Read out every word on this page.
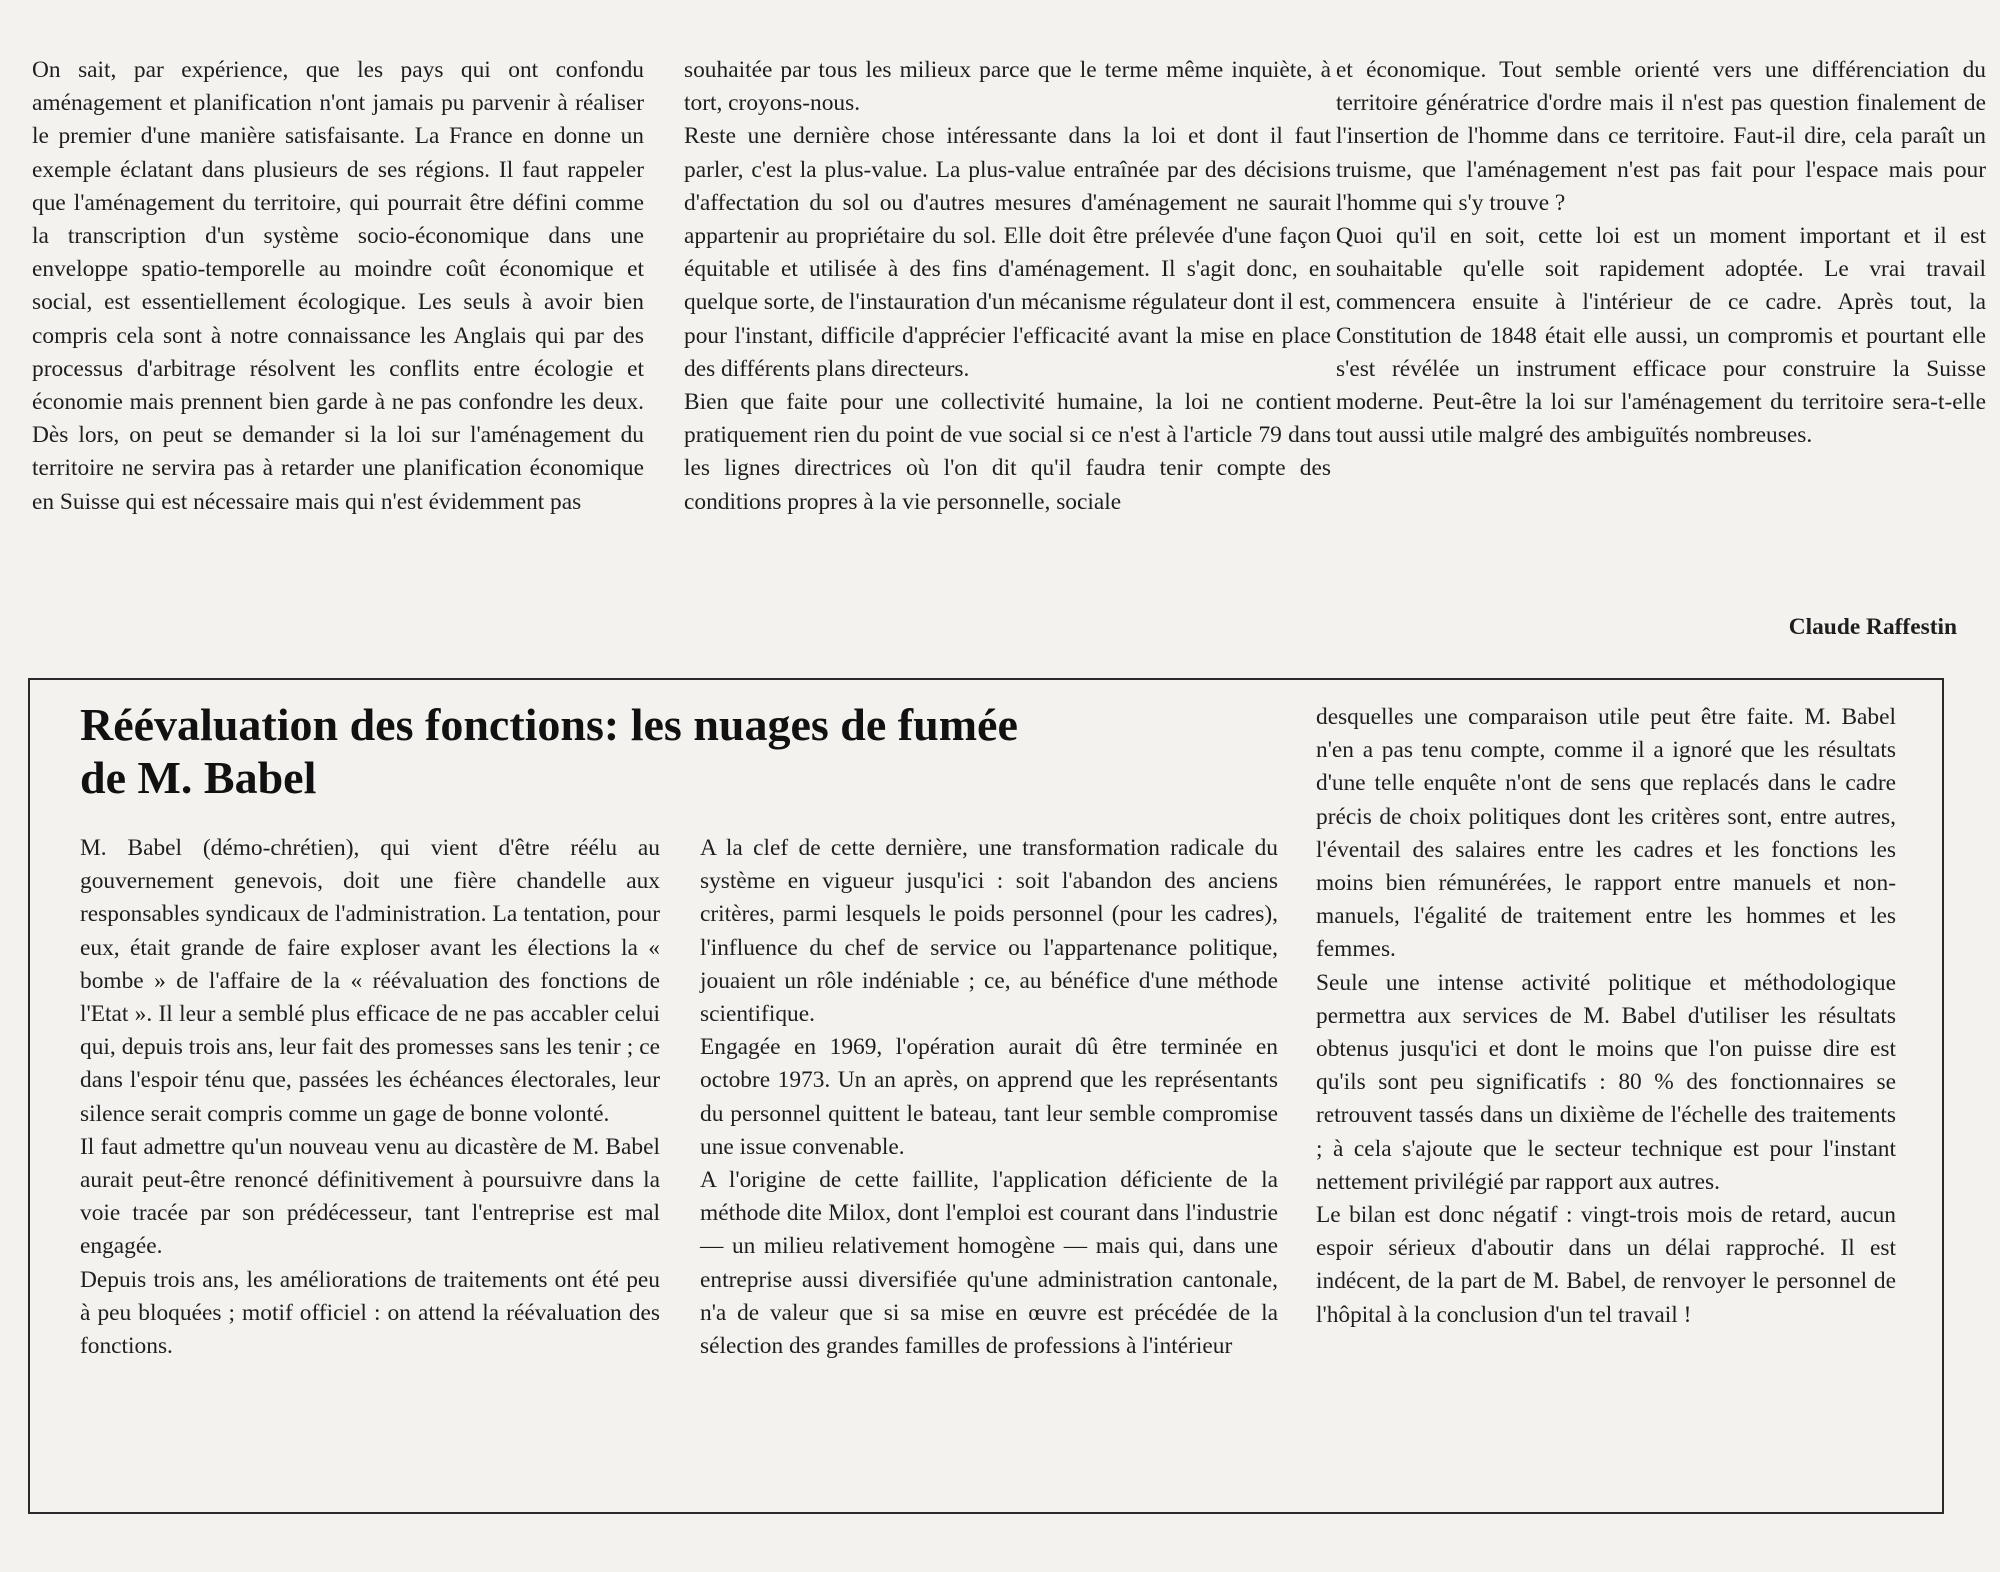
On sait, par expérience, que les pays qui ont confondu aménagement et planification n'ont jamais pu parvenir à réaliser le premier d'une manière satisfaisante. La France en donne un exemple éclatant dans plusieurs de ses régions. Il faut rappeler que l'aménagement du territoire, qui pourrait être défini comme la transcription d'un système socio-économique dans une enveloppe spatio-temporelle au moindre coût économique et social, est essentiellement écologique. Les seuls à avoir bien compris cela sont à notre connaissance les Anglais qui par des processus d'arbitrage résolvent les conflits entre écologie et économie mais prennent bien garde à ne pas confondre les deux. Dès lors, on peut se demander si la loi sur l'aménagement du territoire ne servira pas à retarder une planification économique en Suisse qui est nécessaire mais qui n'est évidemment pas

souhaitée par tous les milieux parce que le terme même inquiète, à tort, croyons-nous.

Reste une dernière chose intéressante dans la loi et dont il faut parler, c'est la plus-value. La plus-value entraînée par des décisions d'affectation du sol ou d'autres mesures d'aménagement ne saurait appartenir au propriétaire du sol. Elle doit être prélevée d'une façon équitable et utilisée à des fins d'aménagement. Il s'agit donc, en quelque sorte, de l'instauration d'un mécanisme régulateur dont il est, pour l'instant, difficile d'apprécier l'efficacité avant la mise en place des différents plans directeurs.

Bien que faite pour une collectivité humaine, la loi ne contient pratiquement rien du point de vue social si ce n'est à l'article 79 dans les lignes directrices où l'on dit qu'il faudra tenir compte des conditions propres à la vie personnelle, sociale

et économique. Tout semble orienté vers une différenciation du territoire génératrice d'ordre mais il n'est pas question finalement de l'insertion de l'homme dans ce territoire. Faut-il dire, cela paraît un truisme, que l'aménagement n'est pas fait pour l'espace mais pour l'homme qui s'y trouve ?

Quoi qu'il en soit, cette loi est un moment important et il est souhaitable qu'elle soit rapidement adoptée. Le vrai travail commencera ensuite à l'intérieur de ce cadre. Après tout, la Constitution de 1848 était elle aussi, un compromis et pourtant elle s'est révélée un instrument efficace pour construire la Suisse moderne. Peut-être la loi sur l'aménagement du territoire sera-t-elle tout aussi utile malgré des ambiguïtés nombreuses.

Claude Raffestin
Réévaluation des fonctions: les nuages de fumée
de M. Babel

M. Babel (démo-chrétien), qui vient d'être réélu au gouvernement genevois, doit une fière chandelle aux responsables syndicaux de l'administration. La tentation, pour eux, était grande de faire exploser avant les élections la « bombe » de l'affaire de la « réévaluation des fonctions de l'Etat ». Il leur a semblé plus efficace de ne pas accabler celui qui, depuis trois ans, leur fait des promesses sans les tenir ; ce dans l'espoir ténu que, passées les échéances électorales, leur silence serait compris comme un gage de bonne volonté.

Il faut admettre qu'un nouveau venu au dicastère de M. Babel aurait peut-être renoncé définitivement à poursuivre dans la voie tracée par son prédécesseur, tant l'entreprise est mal engagée.

Depuis trois ans, les améliorations de traitements ont été peu à peu bloquées ; motif officiel : on attend la réévaluation des fonctions.

A la clef de cette dernière, une transformation radicale du système en vigueur jusqu'ici : soit l'abandon des anciens critères, parmi lesquels le poids personnel (pour les cadres), l'influence du chef de service ou l'appartenance politique, jouaient un rôle indéniable ; ce, au bénéfice d'une méthode scientifique.

Engagée en 1969, l'opération aurait dû être terminée en octobre 1973. Un an après, on apprend que les représentants du personnel quittent le bateau, tant leur semble compromise une issue convenable.

A l'origine de cette faillite, l'application déficiente de la méthode dite Milox, dont l'emploi est courant dans l'industrie — un milieu relativement homogène — mais qui, dans une entreprise aussi diversifiée qu'une administration cantonale, n'a de valeur que si sa mise en œuvre est précédée de la sélection des grandes familles de professions à l'intérieur

desquelles une comparaison utile peut être faite. M. Babel n'en a pas tenu compte, comme il a ignoré que les résultats d'une telle enquête n'ont de sens que replacés dans le cadre précis de choix politiques dont les critères sont, entre autres, l'éventail des salaires entre les cadres et les fonctions les moins bien rémunérées, le rapport entre manuels et non-manuels, l'égalité de traitement entre les hommes et les femmes.

Seule une intense activité politique et méthodologique permettra aux services de M. Babel d'utiliser les résultats obtenus jusqu'ici et dont le moins que l'on puisse dire est qu'ils sont peu significatifs : 80 % des fonctionnaires se retrouvent tassés dans un dixième de l'échelle des traitements ; à cela s'ajoute que le secteur technique est pour l'instant nettement privilégié par rapport aux autres.

Le bilan est donc négatif : vingt-trois mois de retard, aucun espoir sérieux d'aboutir dans un délai rapproché. Il est indécent, de la part de M. Babel, de renvoyer le personnel de l'hôpital à la conclusion d'un tel travail !
